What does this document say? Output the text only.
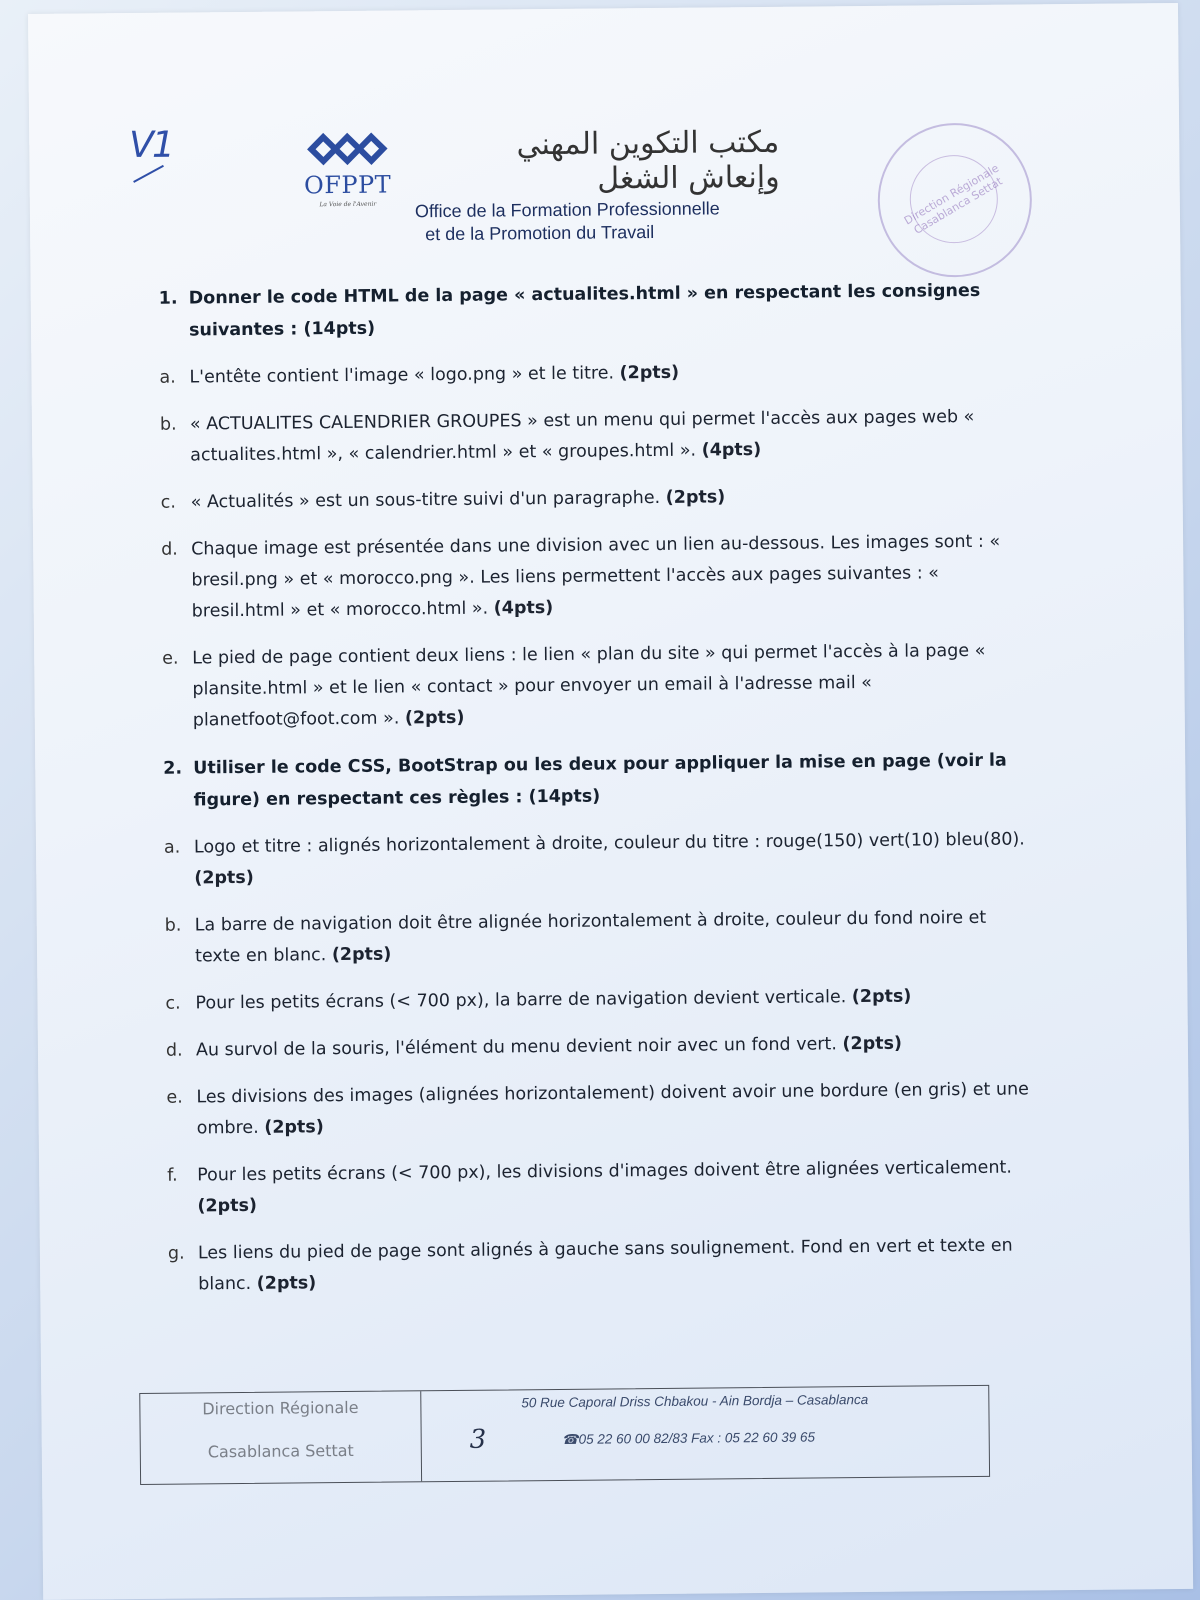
V1
OFPPT
La Voie de l'Avenir
مكتب التكوين المهني وإنعاش الشغل
Office de la Formation Professionnelle
et de la Promotion du Travail
Direction Régionale Casablanca Settat
1. Donner le code HTML de la page « actualites.html » en respectant les consignes suivantes : (14pts)
a. L'entête contient l'image « logo.png » et le titre. (2pts)
b. « ACTUALITES CALENDRIER GROUPES » est un menu qui permet l'accès aux pages web « actualites.html », « calendrier.html » et « groupes.html ». (4pts)
c. « Actualités » est un sous-titre suivi d'un paragraphe. (2pts)
d. Chaque image est présentée dans une division avec un lien au-dessous. Les images sont : « bresil.png » et « morocco.png ». Les liens permettent l'accès aux pages suivantes : « bresil.html » et « morocco.html ». (4pts)
e. Le pied de page contient deux liens : le lien « plan du site » qui permet l'accès à la page « plansite.html » et le lien « contact » pour envoyer un email à l'adresse mail « planetfoot@foot.com ». (2pts)
2. Utiliser le code CSS, BootStrap ou les deux pour appliquer la mise en page (voir la figure) en respectant ces règles : (14pts)
a. Logo et titre : alignés horizontalement à droite, couleur du titre : rouge(150) vert(10) bleu(80). (2pts)
b. La barre de navigation doit être alignée horizontalement à droite, couleur du fond noire et texte en blanc. (2pts)
c. Pour les petits écrans (< 700 px), la barre de navigation devient verticale. (2pts)
d. Au survol de la souris, l'élément du menu devient noir avec un fond vert. (2pts)
e. Les divisions des images (alignées horizontalement) doivent avoir une bordure (en gris) et une ombre. (2pts)
f. Pour les petits écrans (< 700 px), les divisions d'images doivent être alignées verticalement. (2pts)
g. Les liens du pied de page sont alignés à gauche sans soulignement. Fond en vert et texte en blanc. (2pts)
Direction Régionale
Casablanca Settat	3
50 Rue Caporal Driss Chbakou - Ain Bordja – Casablanca
☎05 22 60 00 82/83 Fax : 05 22 60 39 65
